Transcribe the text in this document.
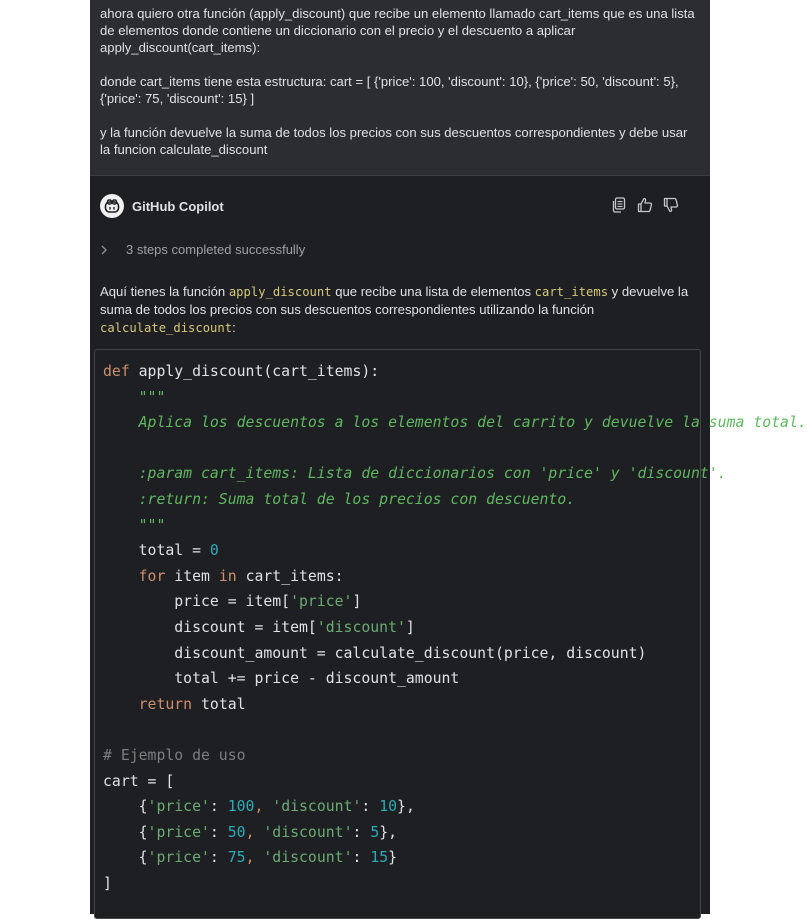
ahora quiero otra función (apply_discount) que recibe un elemento llamado cart_items que es una lista de elementos donde contiene un diccionario con el precio y el descuento a aplicar apply_discount(cart_items):

donde cart_items tiene esta estructura: cart = [ {'price': 100, 'discount': 10}, {'price': 50, 'discount': 5}, {'price': 75, 'discount': 15} ]

y la función devuelve la suma de todos los precios con sus descuentos correspondientes y debe usar la funcion calculate_discount

GitHub Copilot
3 steps completed successfully
Aquí tienes la función apply_discount que recibe una lista de elementos cart_items y devuelve la suma de todos los precios con sus descuentos correspondientes utilizando la función calculate_discount:
def apply_discount(cart_items):
"""
Aplica los descuentos a los elementos del carrito y devuelve la suma total.

:param cart_items: Lista de diccionarios con 'price' y 'discount'.
:return: Suma total de los precios con descuento.
"""
total = 0
for item in cart_items:
price = item['price']
discount = item['discount']
discount_amount = calculate_discount(price, discount)
total += price - discount_amount
return total

# Ejemplo de uso
cart = [
{'price': 100, 'discount': 10},
{'price': 50, 'discount': 5},
{'price': 75, 'discount': 15}
]
